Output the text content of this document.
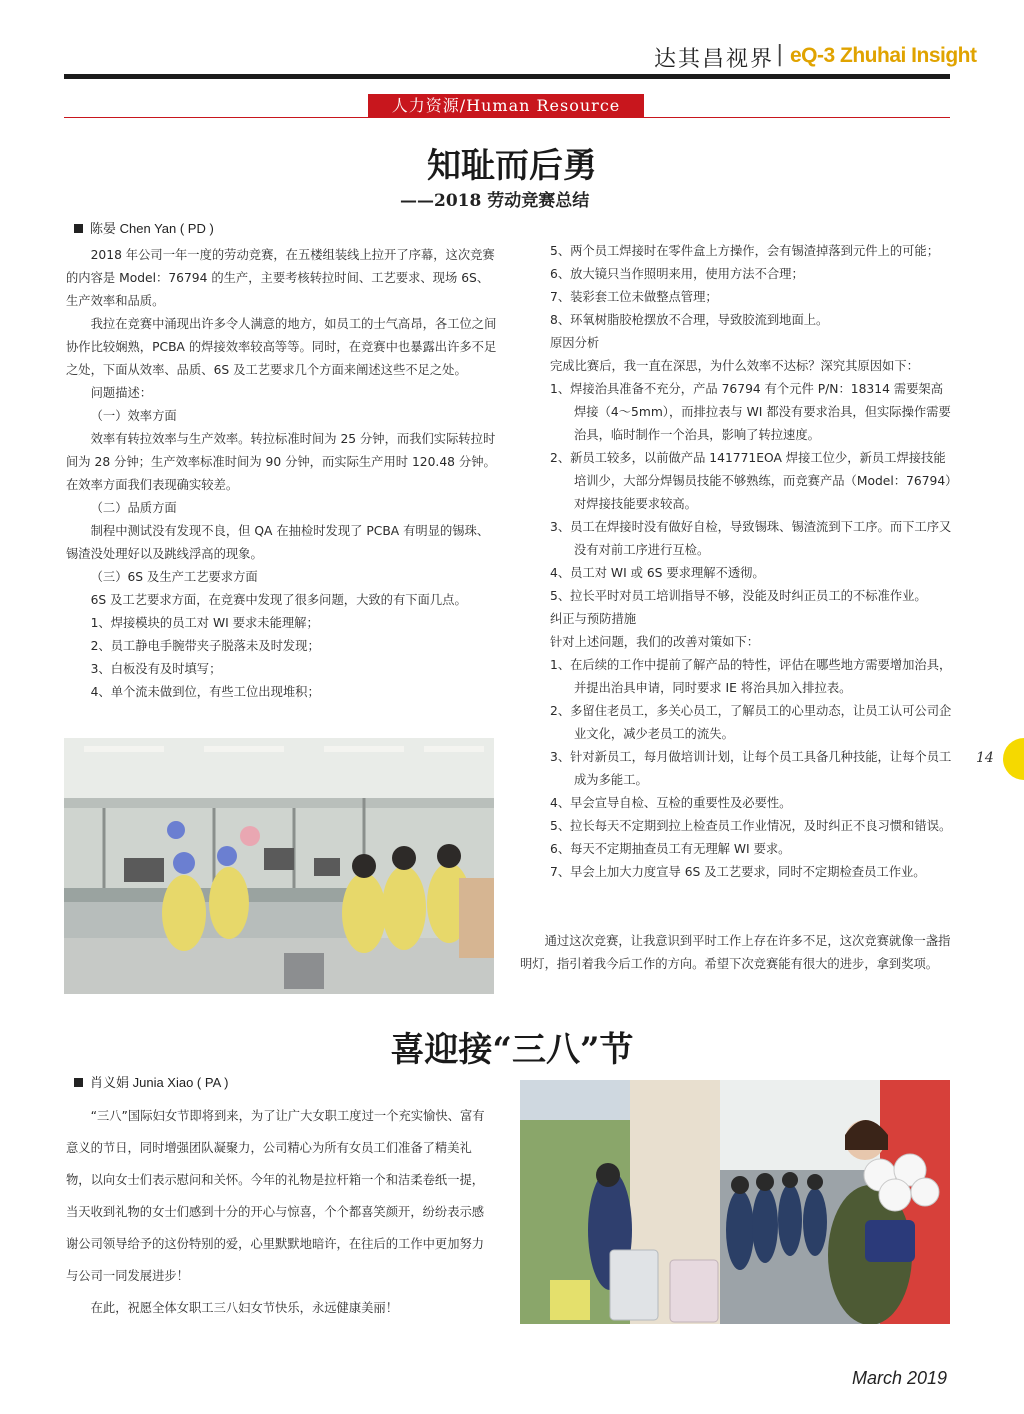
达其昌视界 | eQ-3 Zhuhai Insight
人力资源/Human Resource
知耻而后勇
——2018 劳动竞赛总结
陈晏 Chen Yan ( PD )

2018 年公司一年一度的劳动竞赛，在五楼组装线上拉开了序幕，这次竞赛的内容是 Model：76794 的生产，主要考核转拉时间、工艺要求、现场 6S、生产效率和品质。

我拉在竞赛中涌现出许多令人满意的地方，如员工的士气高昂，各工位之间协作比较娴熟，PCBA 的焊接效率较高等等。同时，在竞赛中也暴露出许多不足之处，下面从效率、品质、6S 及工艺要求几个方面来阐述这些不足之处。

问题描述：

（一）效率方面

效率有转拉效率与生产效率。转拉标准时间为 25 分钟，而我们实际转拉时间为 28 分钟；生产效率标准时间为 90 分钟，而实际生产用时 120.48 分钟。 在效率方面我们表现确实较差。

（二）品质方面

制程中测试没有发现不良，但 QA 在抽检时发现了 PCBA 有明显的锡珠、锡渣没处理好以及跳线浮高的现象。

（三）6S 及生产工艺要求方面

6S 及工艺要求方面，在竞赛中发现了很多问题，大致的有下面几点。

1、焊接模块的员工对 WI 要求未能理解；

2、员工静电手腕带夹子脱落未及时发现；

3、白板没有及时填写；

4、单个流未做到位，有些工位出现堆积；

5、两个员工焊接时在零件盒上方操作，会有锡渣掉落到元件上的可能；

6、放大镜只当作照明来用，使用方法不合理；

7、装彩套工位未做整点管理；

8、环氧树脂胶枪摆放不合理，导致胶流到地面上。

原因分析

完成比赛后，我一直在深思，为什么效率不达标？深究其原因如下：

1、焊接治具准备不充分，产品 76794 有个元件 P/N：18314 需要架高焊接（4～5mm），而排拉表与 WI 都没有要求治具，但实际操作需要治具，临时制作一个治具，影响了转拉速度。

2、新员工较多，以前做产品 141771EOA 焊接工位少，新员工焊接技能培训少，大部分焊锡员技能不够熟练，而竞赛产品（Model：76794）对焊接技能要求较高。

3、员工在焊接时没有做好自检，导致锡珠、锡渣流到下工序。而下工序又没有对前工序进行互检。

4、员工对 WI 或 6S 要求理解不透彻。

5、拉长平时对员工培训指导不够，没能及时纠正员工的不标准作业。

纠正与预防措施

针对上述问题，我们的改善对策如下：

1、在后续的工作中提前了解产品的特性，评估在哪些地方需要增加治具，并提出治具申请，同时要求 IE 将治具加入排拉表。

2、多留住老员工，多关心员工，了解员工的心里动态，让员工认可公司企业文化，减少老员工的流失。

3、针对新员工，每月做培训计划，让每个员工具备几种技能，让每个员工成为多能工。

4、早会宣导自检、互检的重要性及必要性。

5、拉长每天不定期到拉上检查员工作业情况，及时纠正不良习惯和错误。

6、每天不定期抽查员工有无理解 WI 要求。

7、早会上加大力度宣导 6S 及工艺要求，同时不定期检查员工作业。

通过这次竞赛，让我意识到平时工作上存在许多不足，这次竞赛就像一盏指明灯，指引着我今后工作的方向。希望下次竞赛能有很大的进步，拿到奖项。

喜迎接“三八”节
肖义娟 Junia Xiao ( PA )

“三八”国际妇女节即将到来，为了让广大女职工度过一个充实愉快、富有意义的节日，同时增强团队凝聚力，公司精心为所有女员工们准备了精美礼物，以向女士们表示慰问和关怀。今年的礼物是拉杆箱一个和洁柔卷纸一提，当天收到礼物的女士们感到十分的开心与惊喜，个个都喜笑颜开，纷纷表示感谢公司领导给予的这份特别的爱，心里默默地暗许，在往后的工作中更加努力与公司一同发展进步！

在此，祝愿全体女职工三八妇女节快乐，永远健康美丽！

14
March 2019
